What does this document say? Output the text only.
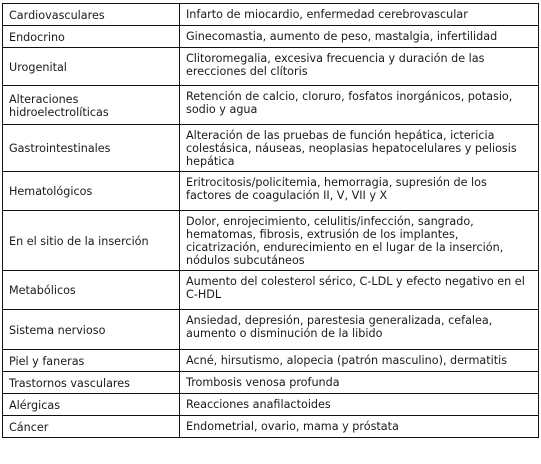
Cardiovasculares	Infarto de miocardio, enfermedad cerebrovascular
Endocrino	Ginecomastia, aumento de peso, mastalgia, infertilidad
Urogenital	Clitoromegalia, excesiva frecuencia y duración de las erecciones del clítoris
Alteraciones hidroelectrolíticas	Retención de calcio, cloruro, fosfatos inorgánicos, potasio, sodio y agua
Gastrointestinales	Alteración de las pruebas de función hepática, ictericia colestásica, náuseas, neoplasias hepatocelulares y peliosis hepática
Hematológicos	Eritrocitosis/policitemia, hemorragia, supresión de los factores de coagulación II, V, VII y X
En el sitio de la inserción	Dolor, enrojecimiento, celulitis/infección, sangrado, hematomas, fibrosis, extrusión de los implantes, cicatrización, endurecimiento en el lugar de la inserción, nódulos subcutáneos
Metabólicos	Aumento del colesterol sérico, C-LDL y efecto negativo en el C-HDL
Sistema nervioso	Ansiedad, depresión, parestesia generalizada, cefalea, aumento o disminución de la libido
Piel y faneras	Acné, hirsutismo, alopecia (patrón masculino), dermatitis
Trastornos vasculares	Trombosis venosa profunda
Alérgicas	Reacciones anafilactoides
Cáncer	Endometrial, ovario, mama y próstata
